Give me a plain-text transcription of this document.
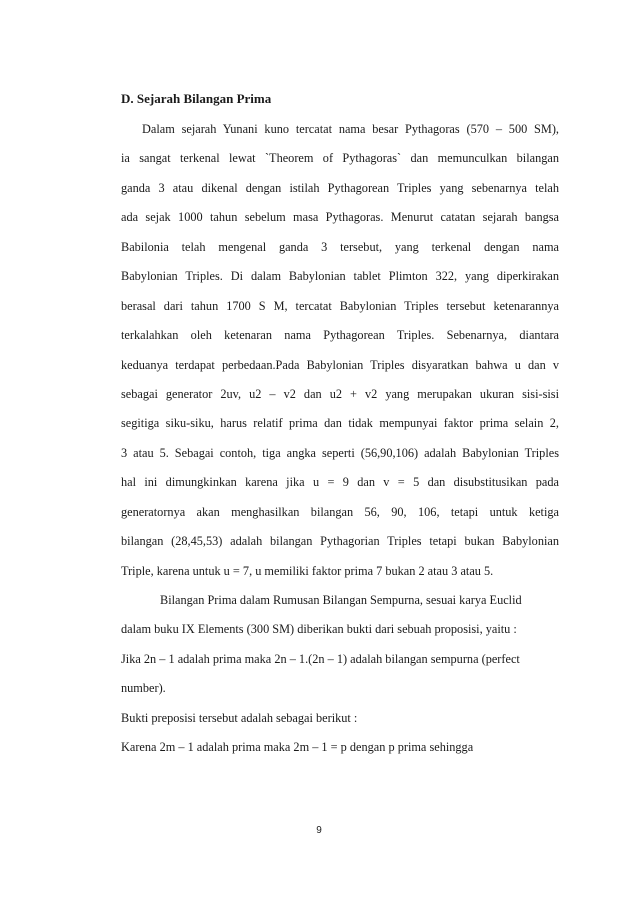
D. Sejarah Bilangan Prima
Dalam sejarah Yunani kuno tercatat nama besar Pythagoras (570 – 500 SM),
ia sangat terkenal lewat `Theorem of Pythagoras` dan memunculkan bilangan
ganda 3 atau dikenal dengan istilah Pythagorean Triples yang sebenarnya telah
ada sejak 1000 tahun sebelum masa Pythagoras. Menurut catatan sejarah bangsa
Babilonia telah mengenal ganda 3 tersebut, yang terkenal dengan nama
Babylonian Triples. Di dalam Babylonian tablet Plimton 322, yang diperkirakan
berasal dari tahun 1700 S M, tercatat Babylonian Triples tersebut ketenarannya
terkalahkan oleh ketenaran nama Pythagorean Triples. Sebenarnya, diantara
keduanya terdapat perbedaan.Pada Babylonian Triples disyaratkan bahwa u dan v
sebagai generator 2uv, u2 – v2 dan u2 + v2 yang merupakan ukuran sisi-sisi
segitiga siku-siku, harus relatif prima dan tidak mempunyai faktor prima selain 2,
3 atau 5. Sebagai contoh, tiga angka seperti (56,90,106) adalah Babylonian Triples
hal ini dimungkinkan karena jika u = 9 dan v = 5 dan disubstitusikan pada
generatornya akan menghasilkan bilangan 56, 90, 106, tetapi untuk ketiga
bilangan (28,45,53) adalah bilangan Pythagorian Triples tetapi bukan Babylonian
Triple, karena untuk u = 7, u memiliki faktor prima 7 bukan 2 atau 3 atau 5.
Bilangan Prima dalam Rumusan Bilangan Sempurna, sesuai karya Euclid
dalam buku IX Elements (300 SM) diberikan bukti dari sebuah proposisi, yaitu :
Jika 2n – 1 adalah prima maka 2n – 1.(2n – 1) adalah bilangan sempurna (perfect
number).
Bukti preposisi tersebut adalah sebagai berikut :
Karena 2m – 1 adalah prima maka 2m – 1 = p dengan p prima sehingga
9
